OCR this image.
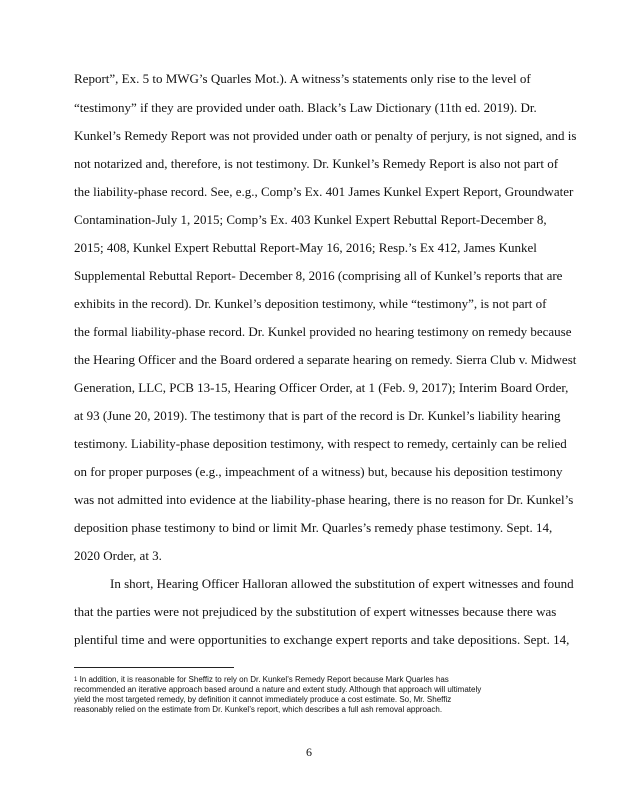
Report”, Ex. 5 to MWG’s Quarles Mot.). A witness’s statements only rise to the level of
“testimony” if they are provided under oath. Black’s Law Dictionary (11th ed. 2019). Dr.
Kunkel’s Remedy Report was not provided under oath or penalty of perjury, is not signed, and is
not notarized and, therefore, is not testimony. Dr. Kunkel’s Remedy Report is also not part of
the liability-phase record. See, e.g., Comp’s Ex. 401 James Kunkel Expert Report, Groundwater
Contamination-July 1, 2015; Comp’s Ex. 403 Kunkel Expert Rebuttal Report-December 8,
2015; 408, Kunkel Expert Rebuttal Report-May 16, 2016; Resp.’s Ex 412, James Kunkel
Supplemental Rebuttal Report- December 8, 2016 (comprising all of Kunkel’s reports that are
exhibits in the record). Dr. Kunkel’s deposition testimony, while “testimony”, is not part of
the formal liability-phase record. Dr. Kunkel provided no hearing testimony on remedy because
the Hearing Officer and the Board ordered a separate hearing on remedy. Sierra Club v. Midwest
Generation, LLC, PCB 13-15, Hearing Officer Order, at 1 (Feb. 9, 2017); Interim Board Order,
at 93 (June 20, 2019). The testimony that is part of the record is Dr. Kunkel’s liability hearing
testimony. Liability-phase deposition testimony, with respect to remedy, certainly can be relied
on for proper purposes (e.g., impeachment of a witness) but, because his deposition testimony
was not admitted into evidence at the liability-phase hearing, there is no reason for Dr. Kunkel’s
deposition phase testimony to bind or limit Mr. Quarles’s remedy phase testimony. Sept. 14,
2020 Order, at 3.
In short, Hearing Officer Halloran allowed the substitution of expert witnesses and found
that the parties were not prejudiced by the substitution of expert witnesses because there was
plentiful time and were opportunities to exchange expert reports and take depositions. Sept. 14,
$^1$ In addition, it is reasonable for Sheffiz to rely on Dr. Kunkel’s Remedy Report because Mark Quarles has
recommended an iterative approach based around a nature and extent study. Although that approach will ultimately
yield the most targeted remedy, by definition it cannot immediately produce a cost estimate. So, Mr. Sheffiz
reasonably relied on the estimate from Dr. Kunkel’s report, which describes a full ash removal approach.
6
